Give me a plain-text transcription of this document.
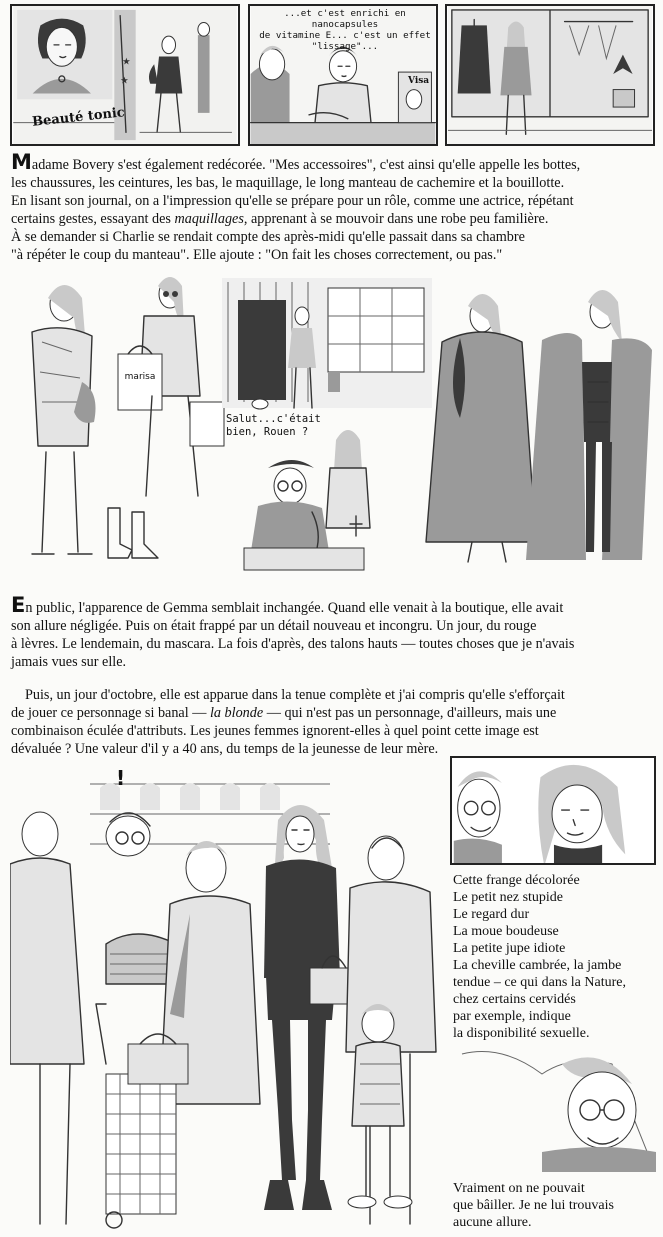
★
★
Beauté tonic
...et c'est enrichi en nanocapsules
de vitamine E... c'est un effet
"lissage"...
Visa

Madame Bovery s'est également redécorée. "Mes accessoires", c'est ainsi qu'elle appelle les bottes,

les chaussures, les ceintures, les bas, le maquillage, le long manteau de cachemire et la bouillotte.

En lisant son journal, on a l'impression qu'elle se prépare pour un rôle, comme une actrice, répétant

certains gestes, essayant des maquillages, apprenant à se mouvoir dans une robe peu familière.

À se demander si Charlie se rendait compte des après-midi qu'elle passait dans sa chambre

"à répéter le coup du manteau". Elle ajoute : "On fait les choses correctement, ou pas."

marisa
Salut...c'était
bien, Rouen ?

En public, l'apparence de Gemma semblait inchangée. Quand elle venait à la boutique, elle avait

son allure négligée. Puis on était frappé par un détail nouveau et incongru. Un jour, du rouge

à lèvres. Le lendemain, du mascara. La fois d'après, des talons hauts — toutes choses que je n'avais

jamais vues sur elle.

Puis, un jour d'octobre, elle est apparue dans la tenue complète et j'ai compris qu'elle s'efforçait

de jouer ce personnage si banal — la blonde — qui n'est pas un personnage, d'ailleurs, mais une

combinaison éculée d'attributs. Les jeunes femmes ignorent-elles à quel point cette image est

dévaluée ? Une valeur d'il y a 40 ans, du temps de la jeunesse de leur mère.

!
Cette frange décolorée
Le petit nez stupide
Le regard dur
La moue boudeuse
La petite jupe idiote
La cheville cambrée, la jambe
tendue – ce qui dans la Nature,
chez certains cervidés
par exemple, indique
la disponibilité sexuelle.
Vraiment on ne pouvait
que bâiller. Je ne lui trouvais
aucune allure.
